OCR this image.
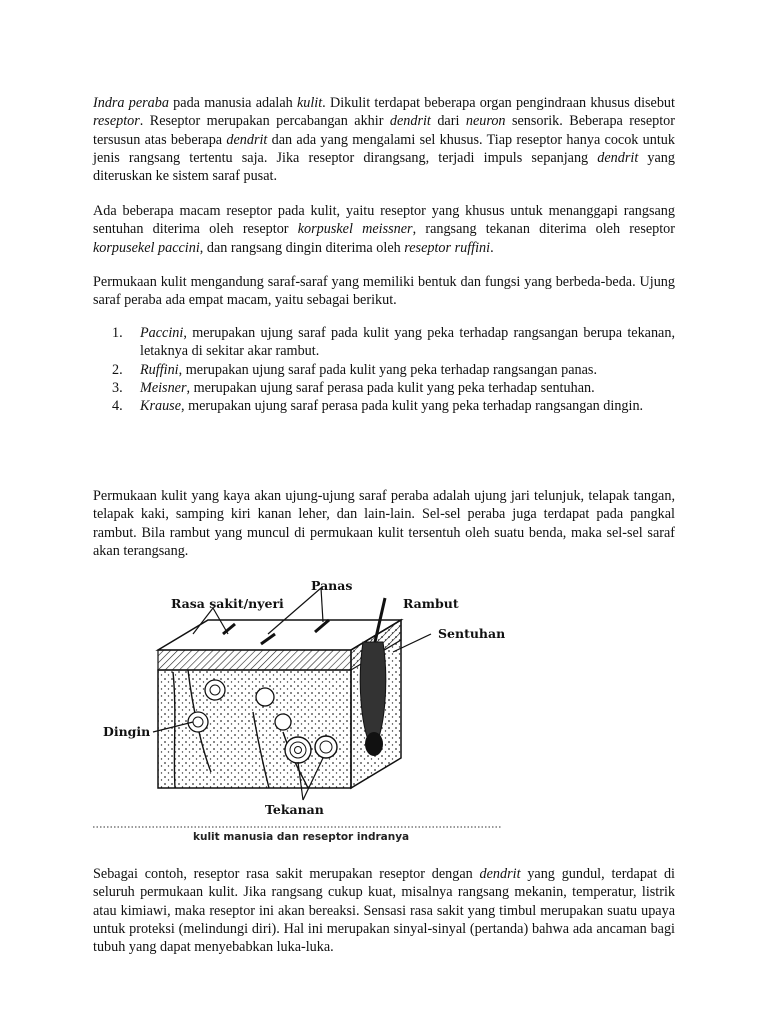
Indra peraba pada manusia adalah kulit. Dikulit terdapat beberapa organ pengindraan khusus disebut reseptor. Reseptor merupakan percabangan akhir dendrit dari neuron sensorik. Beberapa reseptor tersusun atas beberapa dendrit dan ada yang mengalami sel khusus. Tiap reseptor hanya cocok untuk jenis rangsang tertentu saja. Jika reseptor dirangsang, terjadi impuls sepanjang dendrit yang diteruskan ke sistem saraf pusat.
Ada beberapa macam reseptor pada kulit, yaitu reseptor yang khusus untuk menanggapi rangsang sentuhan diterima oleh reseptor korpuskel meissner, rangsang tekanan diterima oleh reseptor korpusekel paccini, dan rangsang dingin diterima oleh reseptor ruffini.
Permukaan kulit mengandung saraf-saraf yang memiliki bentuk dan fungsi yang berbeda-beda. Ujung saraf peraba ada empat macam, yaitu sebagai berikut.
1. Paccini, merupakan ujung saraf pada kulit yang peka terhadap rangsangan berupa tekanan, letaknya di sekitar akar rambut.
2. Ruffini, merupakan ujung saraf pada kulit yang peka terhadap rangsangan panas.
3. Meisner, merupakan ujung saraf perasa pada kulit yang peka terhadap sentuhan.
4. Krause, merupakan ujung saraf perasa pada kulit yang peka terhadap rangsangan dingin.
Permukaan kulit yang kaya akan ujung-ujung saraf peraba adalah ujung jari telunjuk, telapak tangan, telapak kaki, samping kiri kanan leher, dan lain-lain. Sel-sel peraba juga terdapat pada pangkal rambut. Bila rambut yang muncul di permukaan kulit tersentuh oleh suatu benda, maka sel-sel saraf akan terangsang.
Panas
Rasa sakit/nyeri	Rambut
Sentuhan
Dingin
Tekanan
kulit manusia dan reseptor indranya
Sebagai contoh, reseptor rasa sakit merupakan reseptor dengan dendrit yang gundul, terdapat di seluruh permukaan kulit. Jika rangsang cukup kuat, misalnya rangsang mekanin, temperatur, listrik atau kimiawi, maka reseptor ini akan bereaksi. Sensasi rasa sakit yang timbul merupakan suatu upaya untuk proteksi (melindungi diri). Hal ini merupakan sinyal-sinyal (pertanda) bahwa ada ancaman bagi tubuh yang dapat menyebabkan luka-luka.
